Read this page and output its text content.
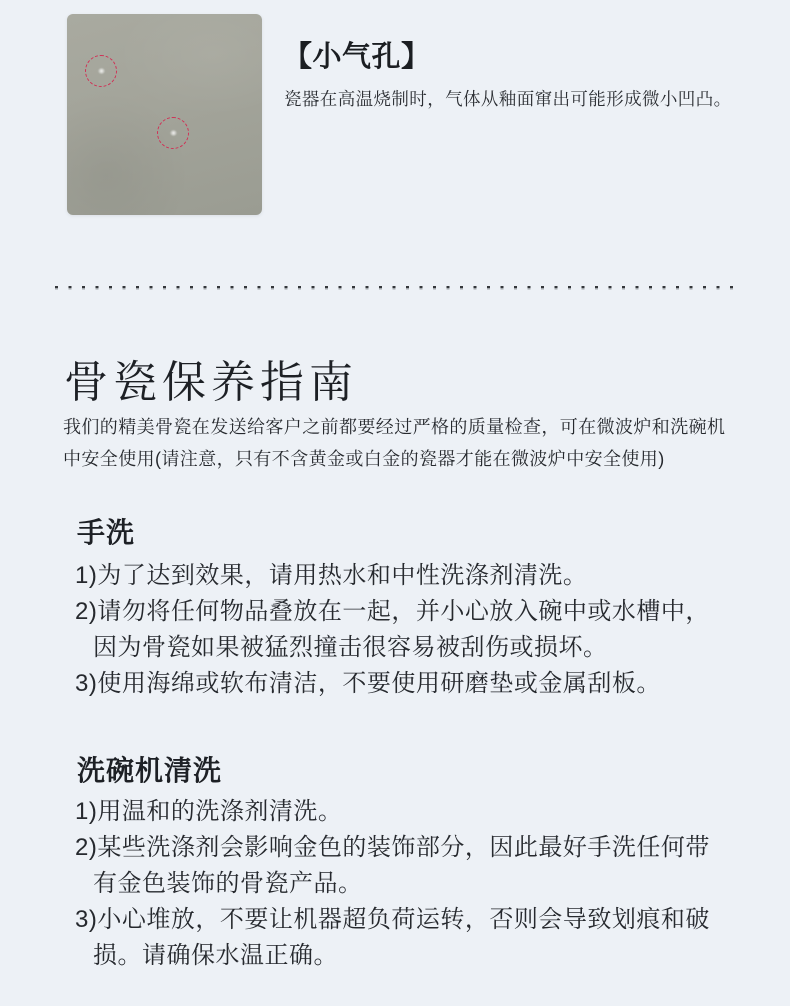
【小气孔】
瓷器在高温烧制时，气体从釉面窜出可能形成微小凹凸。
骨瓷保养指南
我们的精美骨瓷在发送给客户之前都要经过严格的质量检查，可在微波炉和洗碗机中安全使用(请注意，只有不含黄金或白金的瓷器才能在微波炉中安全使用)
手洗
1)为了达到效果，请用热水和中性洗涤剂清洗。
2)请勿将任何物品叠放在一起，并小心放入碗中或水槽中，因为骨瓷如果被猛烈撞击很容易被刮伤或损坏。
3)使用海绵或软布清洁，不要使用研磨垫或金属刮板。
洗碗机清洗
1)用温和的洗涤剂清洗。
2)某些洗涤剂会影响金色的装饰部分，因此最好手洗任何带有金色装饰的骨瓷产品。
3)小心堆放，不要让机器超负荷运转，否则会导致划痕和破损。请确保水温正确。
